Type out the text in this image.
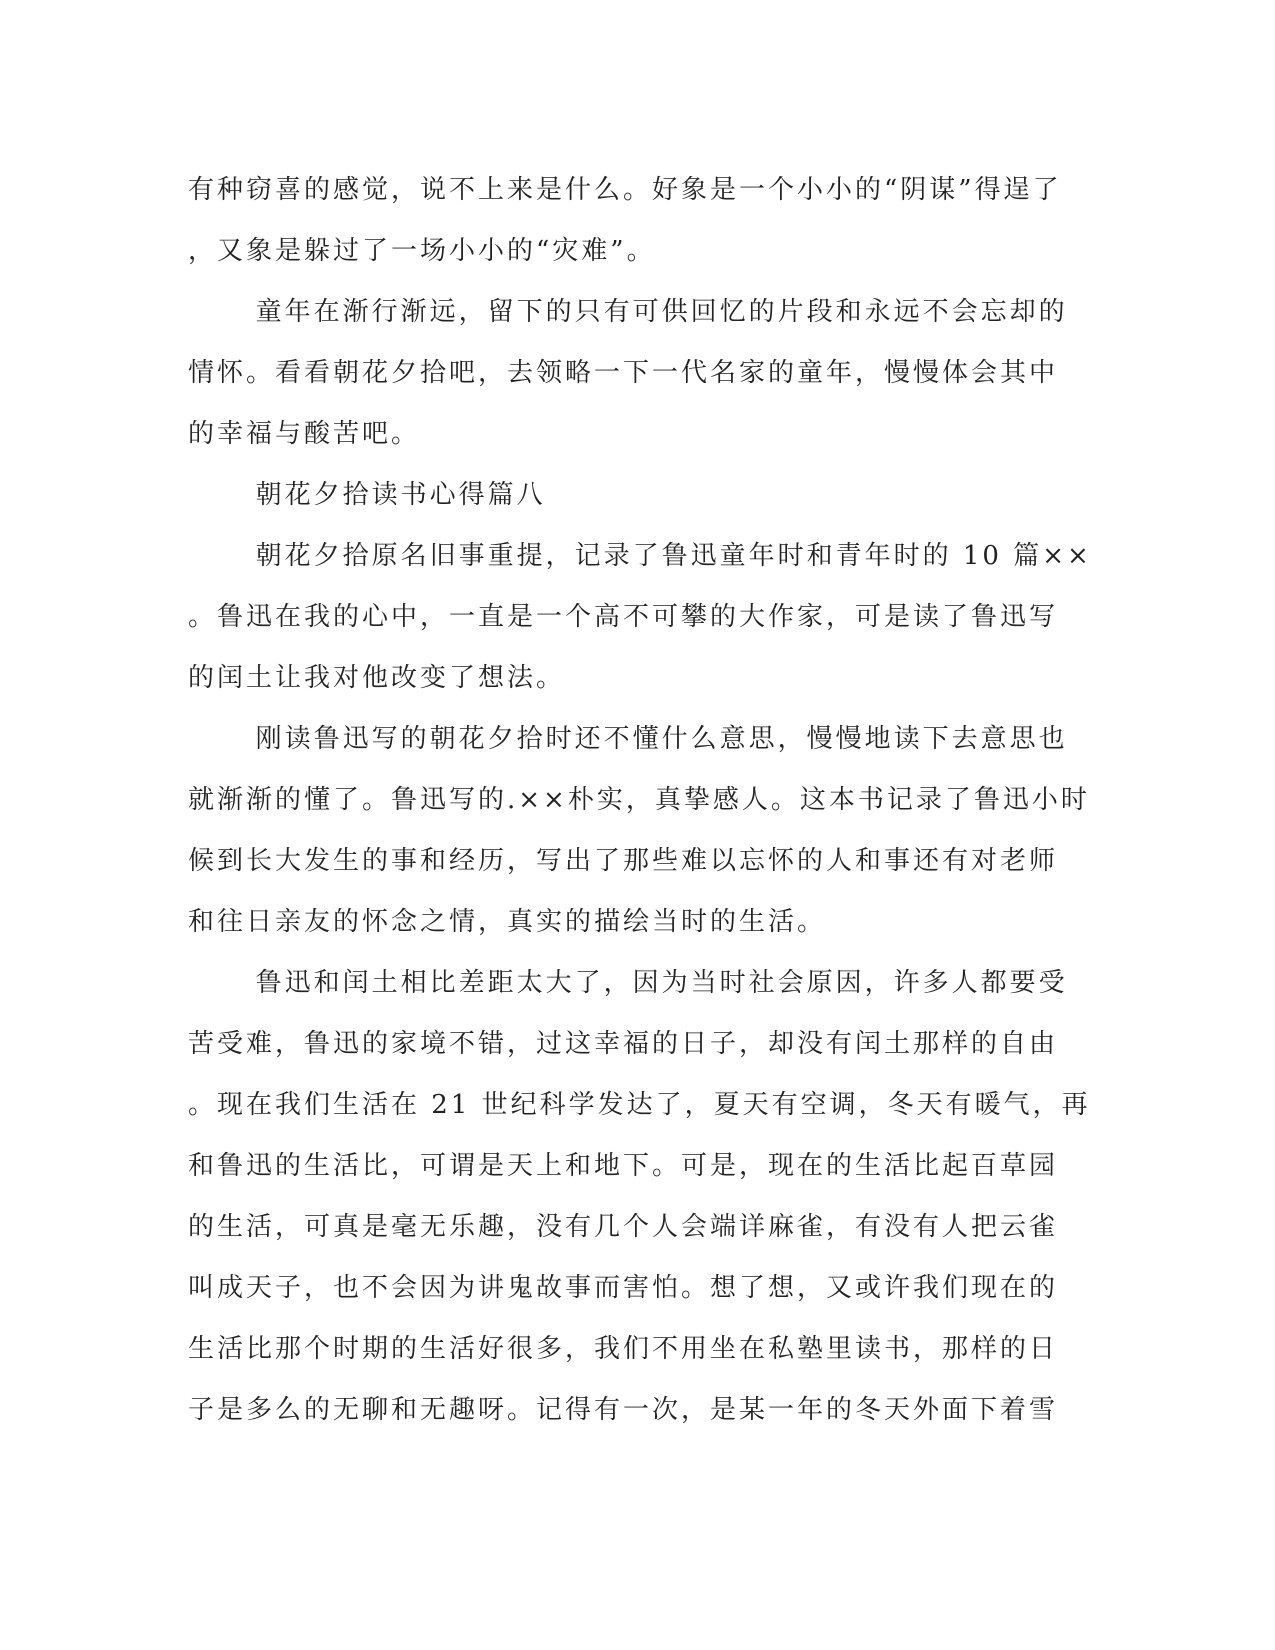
有种窃喜的感觉，说不上来是什么。好象是一个小小的“阴谋”得逞了
，又象是躲过了一场小小的“灾难”。
童年在渐行渐远，留下的只有可供回忆的片段和永远不会忘却的
情怀。看看朝花夕拾吧，去领略一下一代名家的童年，慢慢体会其中
的幸福与酸苦吧。
朝花夕拾读书心得篇八
朝花夕拾原名旧事重提，记录了鲁迅童年时和青年时的 10 篇××
。鲁迅在我的心中，一直是一个高不可攀的大作家，可是读了鲁迅写
的闰土让我对他改变了想法。
刚读鲁迅写的朝花夕拾时还不懂什么意思，慢慢地读下去意思也
就渐渐的懂了。鲁迅写的.××朴实，真挚感人。这本书记录了鲁迅小时
候到长大发生的事和经历，写出了那些难以忘怀的人和事还有对老师
和往日亲友的怀念之情，真实的描绘当时的生活。
鲁迅和闰土相比差距太大了，因为当时社会原因，许多人都要受
苦受难，鲁迅的家境不错，过这幸福的日子，却没有闰土那样的自由
。现在我们生活在 21 世纪科学发达了，夏天有空调，冬天有暖气，再
和鲁迅的生活比，可谓是天上和地下。可是，现在的生活比起百草园
的生活，可真是毫无乐趣，没有几个人会端详麻雀，有没有人把云雀
叫成天子，也不会因为讲鬼故事而害怕。想了想，又或许我们现在的
生活比那个时期的生活好很多，我们不用坐在私塾里读书，那样的日
子是多么的无聊和无趣呀。记得有一次，是某一年的冬天外面下着雪
